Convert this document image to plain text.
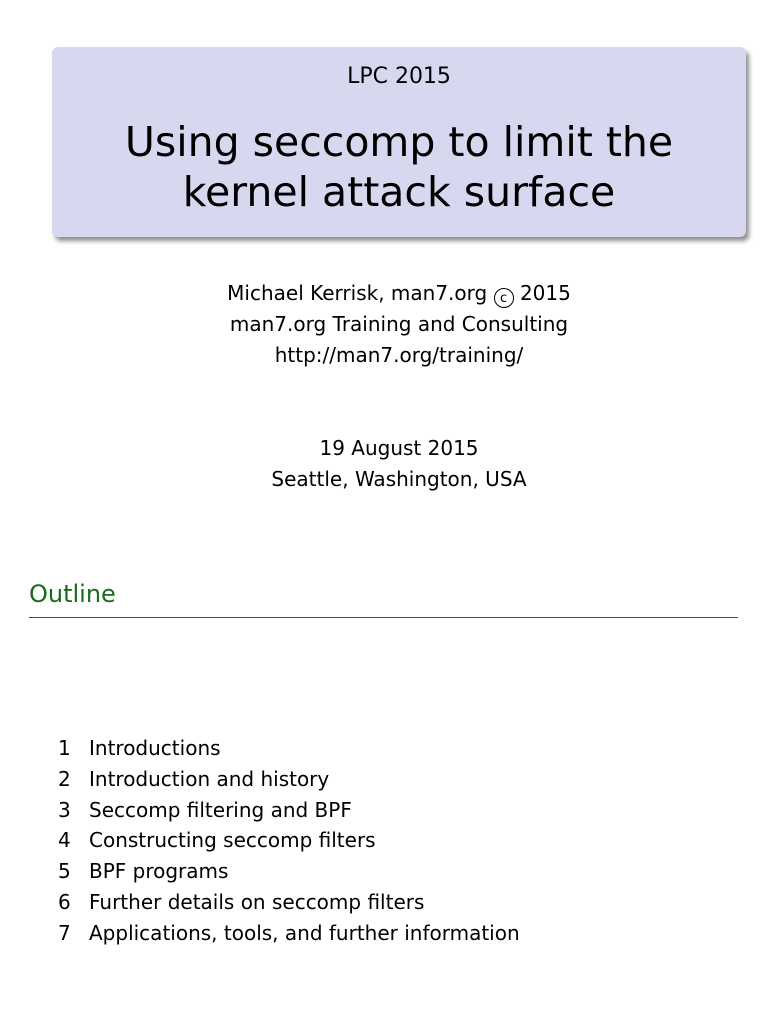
LPC 2015
Using seccomp to limit the
kernel attack surface
Michael Kerrisk, man7.org c 2015
man7.org Training and Consulting
http://man7.org/training/
19 August 2015
Seattle, Washington, USA
Outline
1 Introductions
2 Introduction and history
3 Seccomp filtering and BPF
4 Constructing seccomp filters
5 BPF programs
6 Further details on seccomp filters
7 Applications, tools, and further information
